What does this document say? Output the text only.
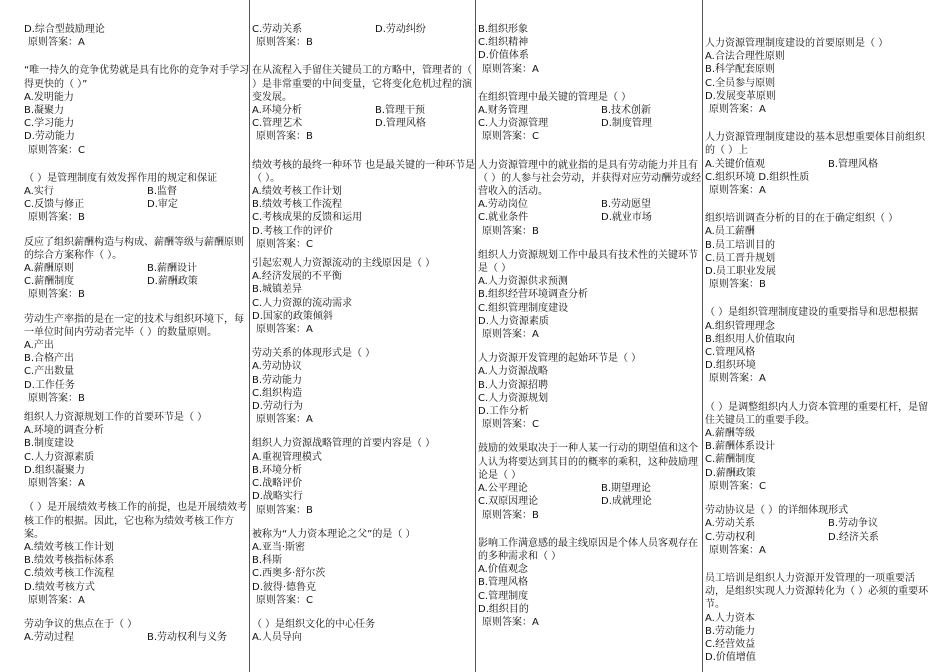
D.综合型鼓励理论
原则答案：A
“唯一持久的竞争优势就是具有比你的竞争对手学习得更快的（ ）”
A.发明能力
B.凝聚力
C.学习能力
D.劳动能力
原则答案：C
（ ）是管理制度有效发挥作用的规定和保证
A.实行	B.监督
C.反馈与修正	D.审定
原则答案：B
反应了组织薪酬构造与构成、薪酬等级与薪酬原则的综合方案称作（ ）。
A.薪酬原则	B.薪酬设计
C.薪酬制度	D.薪酬政策
原则答案：B
劳动生产率指的是在一定的技术与组织环境下，每一单位时间内劳动者完毕（ ）的数量原则。
A.产出
B.合格产出
C.产出数量
D.工作任务
原则答案：B
组织人力资源规划工作的首要环节是（ ）
A.环境的调查分析
B.制度建设
C.人力资源素质
D.组织凝聚力
原则答案：A
（ ）是开展绩效考核工作的前提，也是开展绩效考核工作的根据。因此，它也称为绩效考核工作方案。
A.绩效考核工作计划
B.绩效考核指标体系
C.绩效考核工作流程
D.绩效考核方式
原则答案：A
劳动争议的焦点在于（ ）
A.劳动过程	B.劳动权利与义务
C.劳动关系	D.劳动纠纷
原则答案：B
在从流程入手留住关键员工的方略中，管理者的（ ）是非常重要的中间变量，它将变化危机过程的演变发展。
A.环境分析	B.管理干预
C.管理艺术	D.管理风格
原则答案：B
绩效考核的最终一种环节 也是最关键的一种环节是（ ）。
A.绩效考核工作计划
B.绩效考核工作流程
C.考核成果的反馈和运用
D.考核工作的评价
原则答案：C
引起宏观人力资源流动的主线原因是（ ）
A.经济发展的不平衡
B.城镇差异
C.人力资源的流动需求
D.国家的政策倾斜
原则答案：A
劳动关系的体现形式是（ ）
A.劳动协议
B.劳动能力
C.组织构造
D.劳动行为
原则答案：A
组织人力资源战略管理的首要内容是（ ）
A.重视管理模式
B.环境分析
C.战略评价
D.战略实行
原则答案：B
被称为“人力资本理论之父”的是（ ）
A.亚当·斯密
B.科斯
C.西奥多·舒尔茨
D.彼得·德鲁克
原则答案：C
（ ）是组织文化的中心任务
A.人员导向
B.组织形象
C.组织精神
D.价值体系
原则答案：A
在组织管理中最关键的管理是（ ）
A.财务管理	B.技术创新
C.人力资源管理	D.制度管理
原则答案：C
人力资源管理中的就业指的是具有劳动能力并且有（ ）的人参与社会劳动，并获得对应劳动酬劳或经营收入的活动。
A.劳动岗位	B.劳动愿望
C.就业条件	D.就业市场
原则答案：B
组织人力资源规划工作中最具有技术性的关键环节是（ ）
A.人力资源供求预测
B.组织经营环境调查分析
C.组织管理制度建设
D.人力资源素质
原则答案：A
人力资源开发管理的起始环节是（ ）
A.人力资源战略
B.人力资源招聘
C.人力资源规划
D.工作分析
原则答案：C
鼓励的效果取决于一种人某一行动的期望值和这个人认为将要达到其目的的概率的乘积，这种鼓励理论是（ ）
A.公平理论	B.期望理论
C.双原因理论	D.成就理论
原则答案：B
影响工作满意感的最主线原因是个体人员客观存在的多种需求和（ ）
A.价值观念
B.管理风格
C.管理制度
D.组织目的
原则答案：A
人力资源管理制度建设的首要原则是（ ）
A.合法合理性原则
B.科学配套原则
C.全员参与原则
D.发展变革原则
原则答案：A
人力资源管理制度建设的基本思想重要体目前组织的（ ）上
A.关键价值观	B.管理风格
C.组织环境 D.组织性质
原则答案：A
组织培训调查分析的目的在于确定组织（ ）
A.员工薪酬
B.员工培训目的
C.员工晋升规划
D.员工职业发展
原则答案：B
（ ）是组织管理制度建设的重要指导和思想根据
A.组织管理理念
B.组织用人价值取向
C.管理风格
D.组织环境
原则答案：A
（ ）是调整组织内人力资本管理的重要杠杆，是留住关键员工的重要手段。
A.薪酬等级
B.薪酬体系设计
C.薪酬制度
D.薪酬政策
原则答案：C
劳动协议是（ ）的详细体现形式
A.劳动关系	B.劳动争议
C.劳动权利	D.经济关系
原则答案：A
员工培训是组织人力资源开发管理的一项重要活动，是组织实现人力资源转化为（ ）必须的重要环节。
A.人力资本
B.劳动能力
C.经营效益
D.价值增值
